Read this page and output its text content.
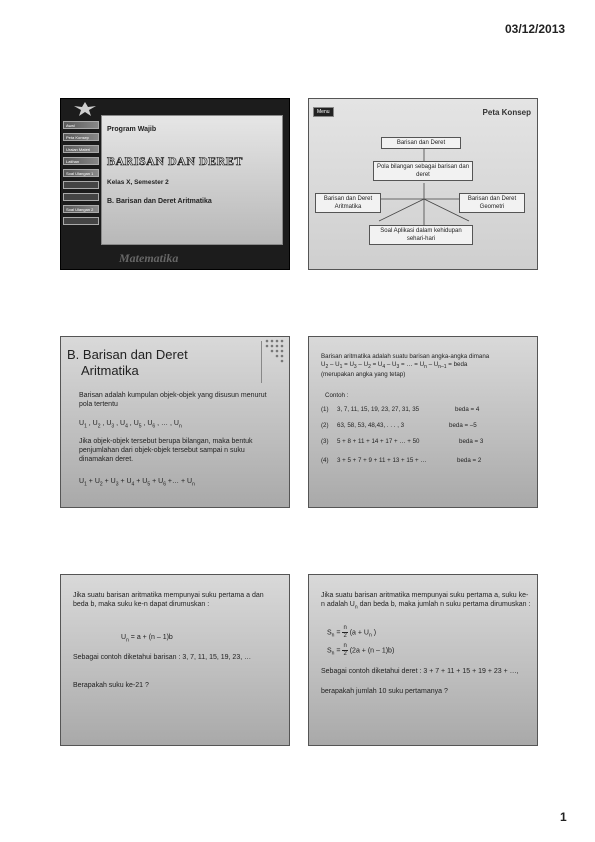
03/12/2013
Awal
Peta Konsep
Uraian Materi
Latihan
Soal Ulangan 1
Soal Ulangan 2
Program Wajib
BARISAN DAN DERET
Kelas X, Semester 2
B. Barisan dan Deret Aritmatika
Matematika
Menu	Peta Konsep
Barisan dan Deret
Pola bilangan sebagai barisan dan deret
Barisan dan Deret Aritmatika
Barisan dan Deret Geometri
Soal Aplikasi dalam kehidupan sehari-hari
B. Barisan dan Deret
Aritmatika
Barisan adalah kumpulan objek-objek yang disusun menurut pola tertentu
$U_1$ , $U_2$ , $U_3$ , $U_4$ , $U_5$ , $U_6$ , … , $U_n$
Jika objek-objek tersebut berupa bilangan, maka bentuk penjumlahan dari objek-objek tersebut sampai n suku dinamakan deret.
$U_1 + U_2 + U_3 + U_4 + U_5 + U_6$ +… + $U_n$
Barisan aritmatika adalah suatu barisan angka-angka dimana
$U_2 - U_1 = U_3 - U_2 = U_4 - U_3$ = … = $U_n - U_{n-1}$ = beda
(merupakan angka yang tetap)
Contoh :
(1) 3, 7, 11, 15, 19, 23, 27, 31, 35	beda = 4
(2) 63, 58, 53, 48,43, . . . , 3	beda = –5
(3) 5 + 8 + 11 + 14 + 17 + … + 50	beda = 3
(4) 3 + 5 + 7 + 9 + 11 + 13 + 15 + …	beda = 2
Jika suatu barisan aritmatika mempunyai suku pertama a dan beda b, maka suku ke-n dapat dirumuskan :
$U_n = a + (n - 1)b$
Sebagai contoh diketahui barisan : 3, 7, 11, 15, 19, 23, …
Berapakah suku ke-21 ?
Jika suatu barisan aritmatika mempunyai suku pertama a, suku ke-n adalah $U_n$ dan beda b, maka jumlah n suku pertama dirumuskan :
$S_n = \frac{n}{2} (a + U_n$ )
$S_n = \frac{n}{2} (2a + (n - 1)b)$
Sebagai contoh diketahui deret : 3 + 7 + 11 + 15 + 19 + 23 + …,
berapakah jumlah 10 suku pertamanya ?
1
